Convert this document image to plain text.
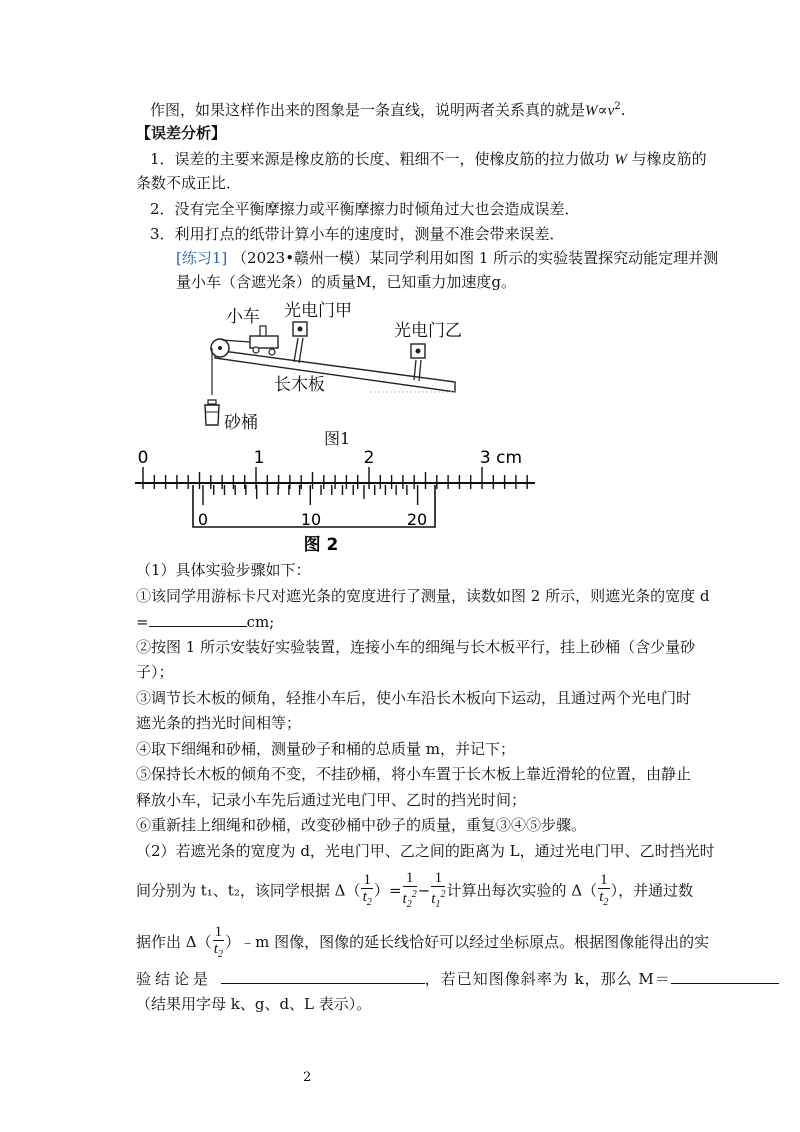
作图，如果这样作出来的图象是一条直线，说明两者关系真的就是$W\propto v^2$.
【误差分析】
1．误差的主要来源是橡皮筋的长度、粗细不一，使橡皮筋的拉力做功 W 与橡皮筋的
条数不成正比．
2．没有完全平衡摩擦力或平衡摩擦力时倾角过大也会造成误差．
3．利用打点的纸带计算小车的速度时，测量不准会带来误差．
[练习1] （2023•赣州一模）某同学利用如图 1 所示的实验装置探究动能定理并测
量小车（含遮光条）的质量M，已知重力加速度g。
小车 光电门甲
光电门乙
长木板
砂桶
图1
0	1	2	3 cm
0	10	20
图 2
（1）具体实验步骤如下：
①该同学用游标卡尺对遮光条的宽度进行了测量，读数如图 2 所示，则遮光条的宽度 d
=	cm;
②按图 1 所示安装好实验装置，连接小车的细绳与长木板平行，挂上砂桶（含少量砂
子）；
③调节长木板的倾角，轻推小车后，使小车沿长木板向下运动，且通过两个光电门时
遮光条的挡光时间相等；
④取下细绳和砂桶，测量砂子和桶的总质量 m，并记下；
⑤保持长木板的倾角不变，不挂砂桶，将小车置于长木板上靠近滑轮的位置，由静止
释放小车，记录小车先后通过光电门甲、乙时的挡光时间；
⑥重新挂上细绳和砂桶，改变砂桶中砂子的质量，重复③④⑤步骤。
（2）若遮光条的宽度为 d，光电门甲、乙之间的距离为 L，通过光电门甲、乙时挡光时
间分别为 t₁、t₂，该同学根据 $\Delta( \frac{1}{t_2}$ ）= $\frac{1}{t_2^2} - \frac{1}{t_1^2}$ 计算出每次实验的 $\Delta( \frac{1}{t_2}$ ），并通过数
据作出 $\Delta( \frac{1}{t_2}$ ）﹣m 图像，图像的延长线恰好可以经过坐标原点。根据图像能得出的实
验结论是	，若已知图像斜率为 k，那么 M＝
（结果用字母 k、g、d、L 表示）。
2
